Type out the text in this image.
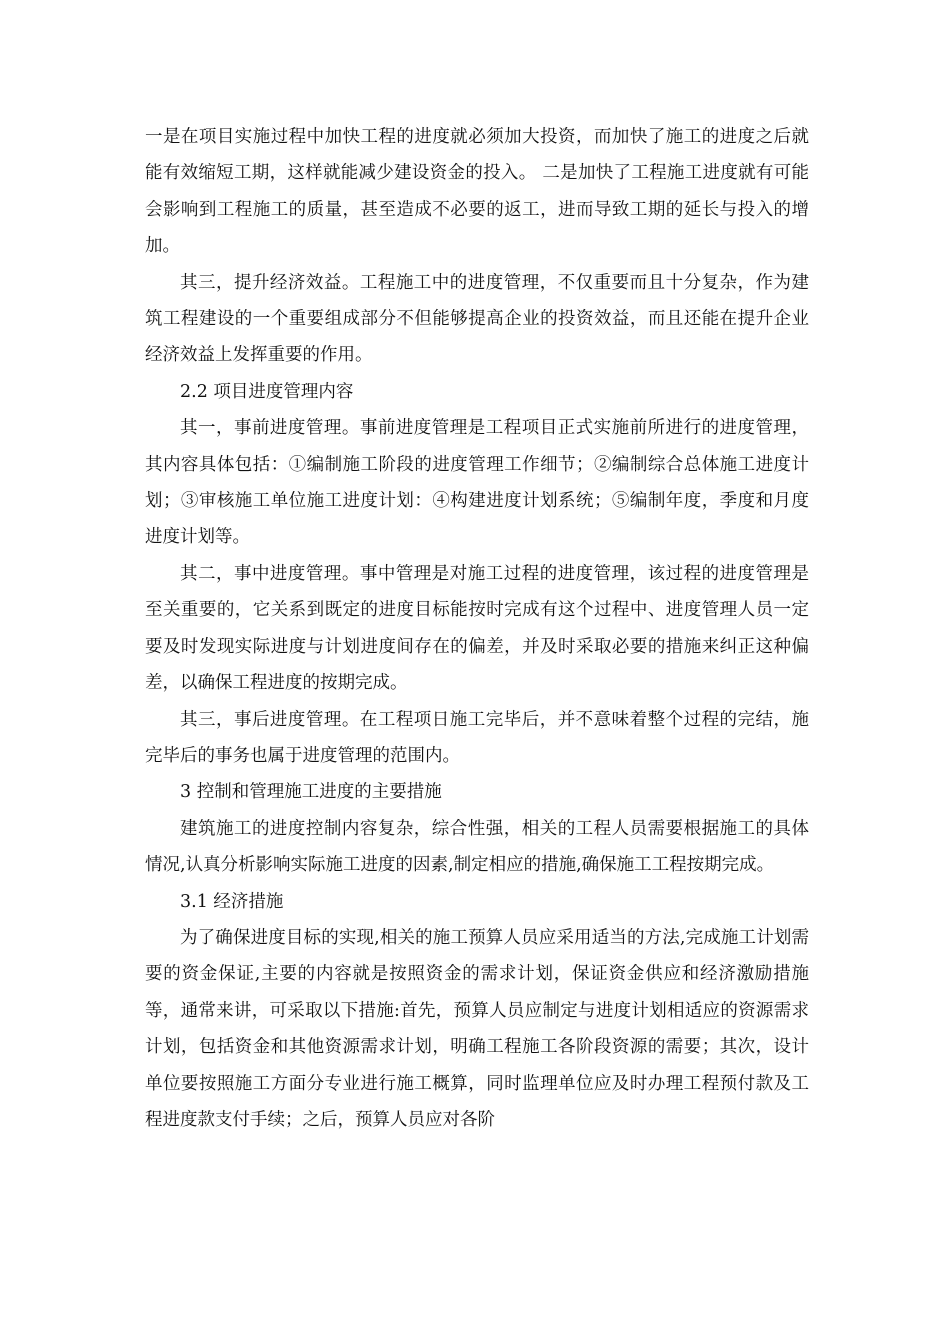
一是在项目实施过程中加快工程的进度就必须加大投资，而加快了施工的进度之后就能有效缩短工期，这样就能减少建设资金的投入。 二是加快了工程施工进度就有可能会影响到工程施工的质量，甚至造成不必要的返工，进而导致工期的延长与投入的增加。

其三，提升经济效益。工程施工中的进度管理，不仅重要而且十分复杂，作为建筑工程建设的一个重要组成部分不但能够提高企业的投资效益，而且还能在提升企业经济效益上发挥重要的作用。

2.2 项目进度管理内容

其一，事前进度管理。事前进度管理是工程项目正式实施前所进行的进度管理，其内容具体包括：①编制施工阶段的进度管理工作细节；②编制综合总体施工进度计划；③审核施工单位施工进度计划：④构建进度计划系统；⑤编制年度，季度和月度进度计划等。

其二，事中进度管理。事中管理是对施工过程的进度管理，该过程的进度管理是至关重要的，它关系到既定的进度目标能按时完成有这个过程中、进度管理人员一定要及时发现实际进度与计划进度间存在的偏差，并及时采取必要的措施来纠正这种偏差，以确保工程进度的按期完成。

其三，事后进度管理。在工程项日施工完毕后，并不意味着整个过程的完结，施完毕后的事务也属于进度管理的范围内。

3 控制和管理施工进度的主要措施

建筑施工的进度控制内容复杂，综合性强，相关的工程人员需要根据施工的具体情况,认真分析影响实际施工进度的因素,制定相应的措施,确保施工工程按期完成。

3.1 经济措施

为了确保进度目标的实现,相关的施工预算人员应采用适当的方法,完成施工计划需要的资金保证,主要的内容就是按照资金的需求计划，保证资金供应和经济激励措施等，通常来讲，可采取以下措施:首先，预算人员应制定与进度计划相适应的资源需求计划，包括资金和其他资源需求计划，明确工程施工各阶段资源的需要；其次，设计单位要按照施工方面分专业进行施工概算，同时监理单位应及时办理工程预付款及工程进度款支付手续；之后，预算人员应对各阶
